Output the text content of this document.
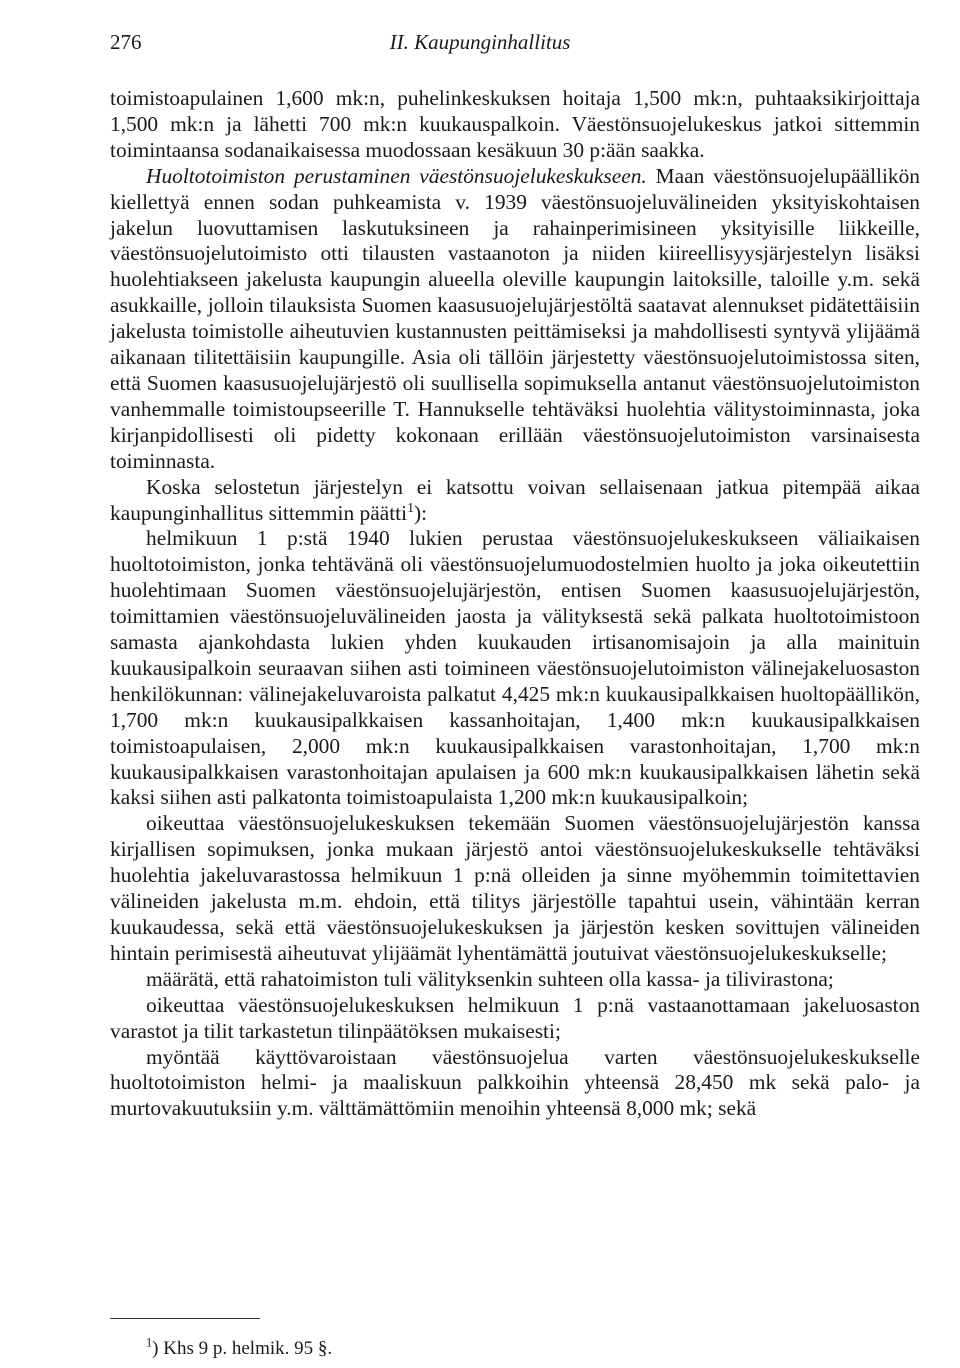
276	II. Kaupunginhallitus

toimistoapulainen 1,600 mk:n, puhelinkeskuksen hoitaja 1,500 mk:n, puhtaaksikirjoittaja 1,500 mk:n ja lähetti 700 mk:n kuukauspalkoin. Väestönsuojelukeskus jatkoi sittemmin toimintaansa sodanaikaisessa muodossaan kesäkuun 30 p:ään saakka.

Huoltotoimiston perustaminen väestönsuojelukeskukseen. Maan väestönsuojelupäällikön kiellettyä ennen sodan puhkeamista v. 1939 väestönsuojeluvälineiden yksityiskohtaisen jakelun luovuttamisen laskutuksineen ja rahainperimisineen yksityisille liikkeille, väestönsuojelutoimisto otti tilausten vastaanoton ja niiden kiireellisyysjärjestelyn lisäksi huolehtiakseen jakelusta kaupungin alueella oleville kaupungin laitoksille, taloille y.m. sekä asukkaille, jolloin tilauksista Suomen kaasusuojelujärjestöltä saatavat alennukset pidätettäisiin jakelusta toimistolle aiheutuvien kustannusten peittämiseksi ja mahdollisesti syntyvä ylijäämä aikanaan tilitettäisiin kaupungille. Asia oli tällöin järjestetty väestönsuojelutoimistossa siten, että Suomen kaasusuojelujärjestö oli suullisella sopimuksella antanut väestönsuojelutoimiston vanhemmalle toimistoupseerille T. Hannukselle tehtäväksi huolehtia välitystoiminnasta, joka kirjanpidollisesti oli pidetty kokonaan erillään väestönsuojelutoimiston varsinaisesta toiminnasta.

Koska selostetun järjestelyn ei katsottu voivan sellaisenaan jatkua pitempää aikaa kaupunginhallitus sittemmin päätti$^1$):

helmikuun 1 p:stä 1940 lukien perustaa väestönsuojelukeskukseen väliaikaisen huoltotoimiston, jonka tehtävänä oli väestönsuojelumuodostelmien huolto ja joka oikeutettiin huolehtimaan Suomen väestönsuojelujärjestön, entisen Suomen kaasusuojelujärjestön, toimittamien väestönsuojeluvälineiden jaosta ja välityksestä sekä palkata huoltotoimistoon samasta ajankohdasta lukien yhden kuukauden irtisanomisajoin ja alla mainituin kuukausipalkoin seuraavan siihen asti toimineen väestönsuojelutoimiston välinejakeluosaston henkilökunnan: välinejakeluvaroista palkatut 4,425 mk:n kuukausipalkkaisen huoltopäällikön, 1,700 mk:n kuukausipalkkaisen kassanhoitajan, 1,400 mk:n kuukausipalkkaisen toimistoapulaisen, 2,000 mk:n kuukausipalkkaisen varastonhoitajan, 1,700 mk:n kuukausipalkkaisen varastonhoitajan apulaisen ja 600 mk:n kuukausipalkkaisen lähetin sekä kaksi siihen asti palkatonta toimistoapulaista 1,200 mk:n kuukausipalkoin;

oikeuttaa väestönsuojelukeskuksen tekemään Suomen väestönsuojelujärjestön kanssa kirjallisen sopimuksen, jonka mukaan järjestö antoi väestönsuojelukeskukselle tehtäväksi huolehtia jakeluvarastossa helmikuun 1 p:nä olleiden ja sinne myöhemmin toimitettavien välineiden jakelusta m.m. ehdoin, että tilitys järjestölle tapahtui usein, vähintään kerran kuukaudessa, sekä että väestönsuojelukeskuksen ja järjestön kesken sovittujen välineiden hintain perimisestä aiheutuvat ylijäämät lyhentämättä joutuivat väestönsuojelukeskukselle;

määrätä, että rahatoimiston tuli välityksenkin suhteen olla kassa- ja tilivirastona;

oikeuttaa väestönsuojelukeskuksen helmikuun 1 p:nä vastaanottamaan jakeluosaston varastot ja tilit tarkastetun tilinpäätöksen mukaisesti;

myöntää käyttövaroistaan väestönsuojelua varten väestönsuojelukeskukselle huoltotoimiston helmi- ja maaliskuun palkkoihin yhteensä 28,450 mk sekä palo- ja murtovakuutuksiin y.m. välttämättömiin menoihin yhteensä 8,000 mk; sekä

$^1$) Khs 9 p. helmik. 95 §.
